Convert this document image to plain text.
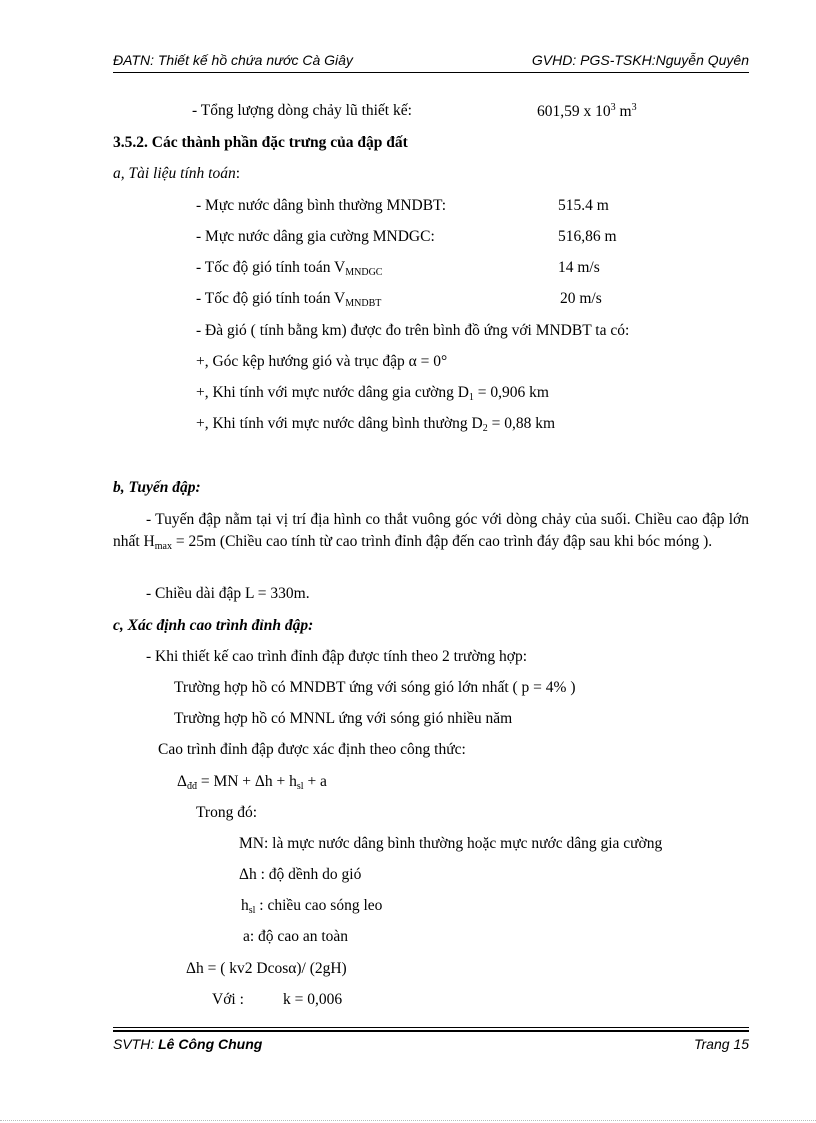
ĐATN: Thiết kế hồ chứa nước Cà Giây	GVHD: PGS-TSKH:Nguyễn Quyên
- Tổng lượng dòng chảy lũ thiết kế:	601,59 x $10^3$ $m^3$
3.5.2. Các thành phần đặc trưng của đập đất
a, Tài liệu tính toán:
- Mực nước dâng bình thường MNDBT:	515.4 m
- Mực nước dâng gia cường MNDGC:	516,86 m
- Tốc độ gió tính toán $V_{MNDGC}$	14 m/s
- Tốc độ gió tính toán $V_{MNDBT}$	20 m/s
- Đà gió ( tính bằng km) được đo trên bình đồ ứng với MNDBT ta có:
+, Góc kệp hướng gió và trục đập α = 0°
+, Khi tính với mực nước dâng gia cường $D_1 = 0,906$ km
+, Khi tính với mực nước dâng bình thường $D_2 = 0,88$ km
b, Tuyến đập:
- Tuyến đập nằm tại vị trí địa hình co thắt vuông góc với dòng chảy của suối. Chiều cao đập lớn nhất $H_{max} = 25m$ (Chiều cao tính từ cao trình đỉnh đập đến cao trình đáy đập sau khi bóc móng ).
- Chiều dài đập L = 330m.
c, Xác định cao trình đỉnh đập:
- Khi thiết kế cao trình đỉnh đập được tính theo 2 trường hợp:
Trường hợp hồ có MNDBT ứng với sóng gió lớn nhất ( p = 4% )
Trường hợp hồ có MNNL ứng với sóng gió nhiều năm
Cao trình đỉnh đập được xác định theo công thức:
$\Delta_{đđ}$ = MN + $\Delta h + h_{sl} + a$
Trong đó:
MN: là mực nước dâng bình thường hoặc mực nước dâng gia cường
Δh : độ dềnh do gió
$h_{sl}$ : chiều cao sóng leo
a: độ cao an toàn
Δh = ( kv2 Dcosα)/ (2gH)
Với :	k = 0,006
SVTH: Lê Công Chung	Trang 15
